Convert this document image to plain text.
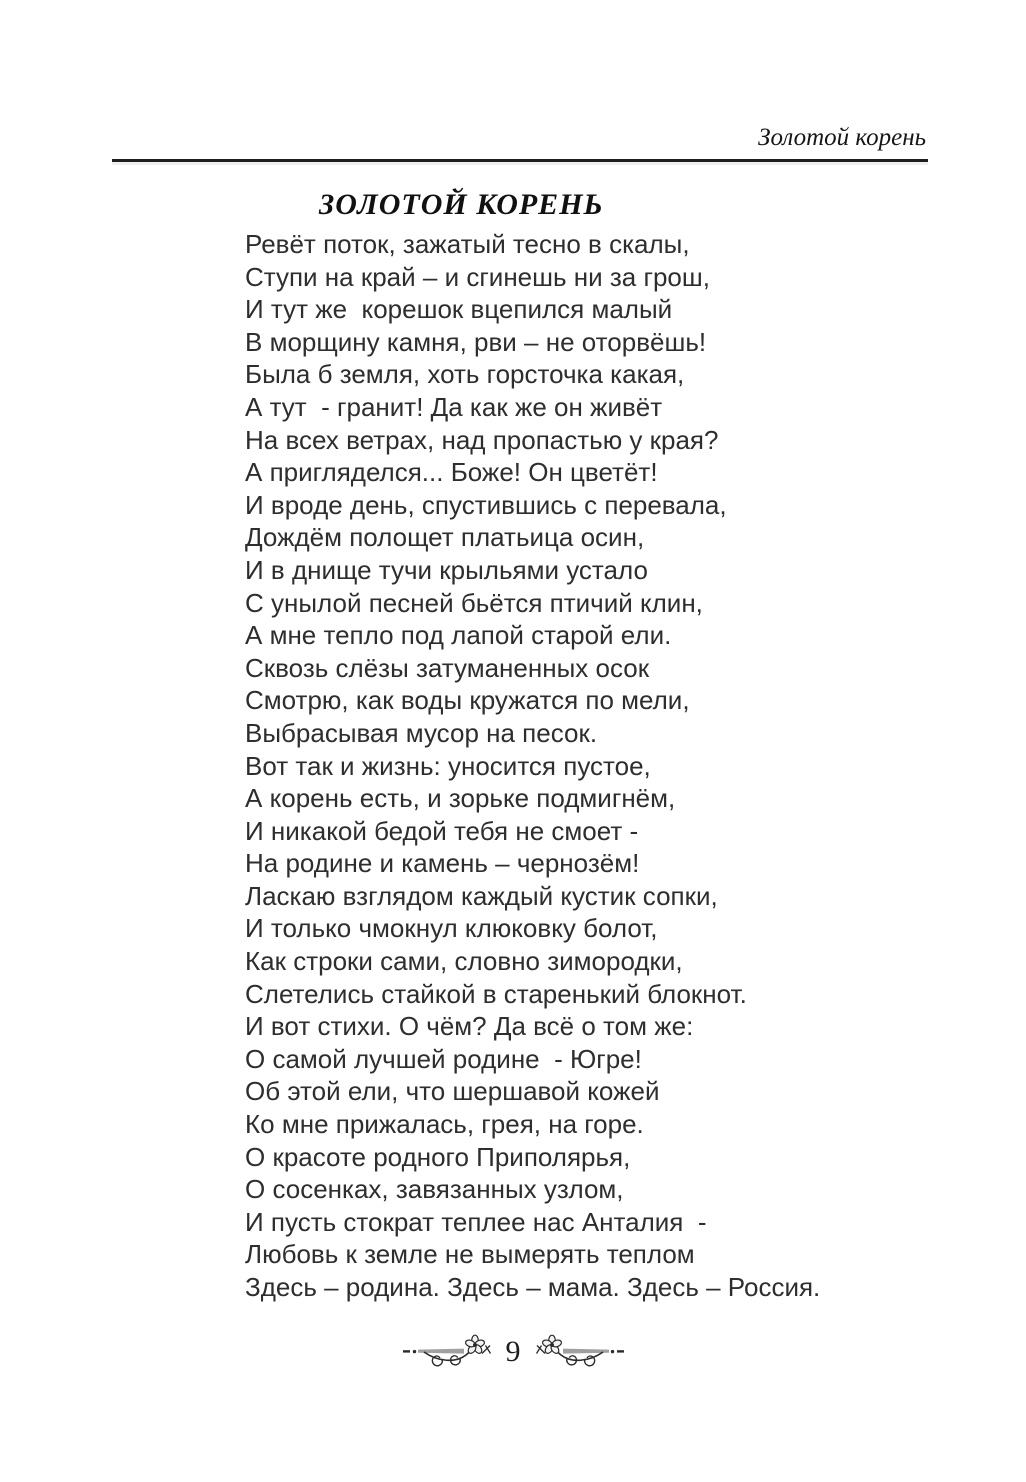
Золотой корень
ЗОЛОТОЙ КОРЕНЬ
Ревёт поток, зажатый тесно в скалы,
Ступи на край – и сгинешь ни за грош,
И тут же  корешок вцепился малый
В морщину камня, рви – не оторвёшь!
Была б земля, хоть горсточка какая,
А тут  - гранит! Да как же он живёт
На всех ветрах, над пропастью у края?
А пригляделся... Боже! Он цветёт!
И вроде день, спустившись с перевала,
Дождём полощет платьица осин,
И в днище тучи крыльями устало
С унылой песней бьётся птичий клин,
А мне тепло под лапой старой ели.
Сквозь слёзы затуманенных осок
Смотрю, как воды кружатся по мели,
Выбрасывая мусор на песок.
Вот так и жизнь: уносится пустое,
А корень есть, и зорьке подмигнём,
И никакой бедой тебя не смоет -
На родине и камень – чернозём!
Ласкаю взглядом каждый кустик сопки,
И только чмокнул клюковку болот,
Как строки сами, словно зимородки,
Слетелись стайкой в старенький блокнот.
И вот стихи. О чём? Да всё о том же:
О самой лучшей родине  - Югре!
Об этой ели, что шершавой кожей
Ко мне прижалась, грея, на горе.
О красоте родного Приполярья,
О сосенках, завязанных узлом,
И пусть стократ теплее нас Анталия  -
Любовь к земле не вымерять теплом
Здесь – родина. Здесь – мама. Здесь – Россия.
9
